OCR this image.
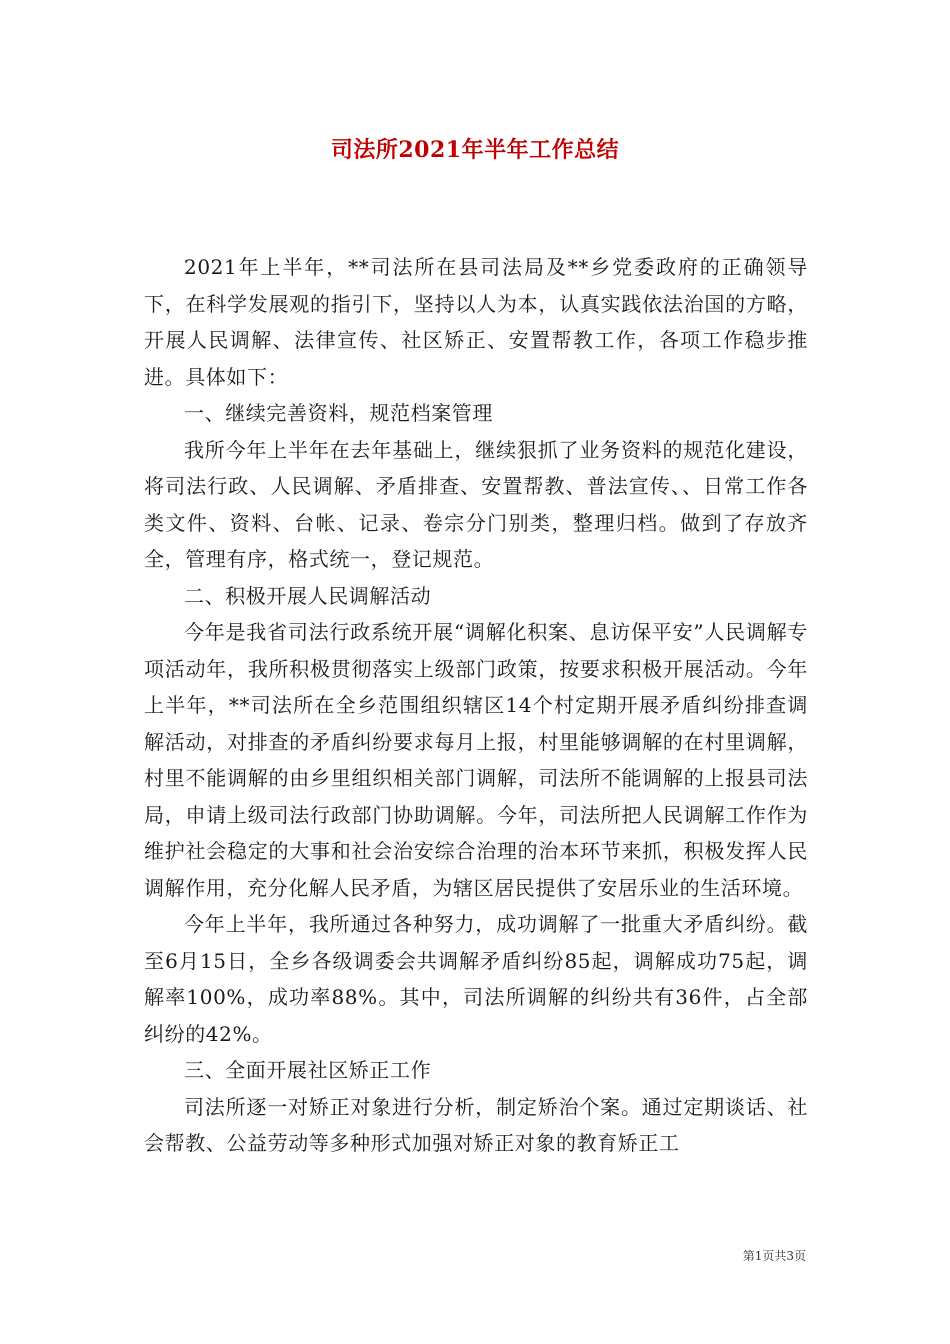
司法所2021年半年工作总结

2021年上半年，**司法所在县司法局及**乡党委政府的正确领导下，在科学发展观的指引下，坚持以人为本，认真实践依法治国的方略，开展人民调解、法律宣传、社区矫正、安置帮教工作，各项工作稳步推进。具体如下：

一、继续完善资料，规范档案管理

我所今年上半年在去年基础上，继续狠抓了业务资料的规范化建设，将司法行政、人民调解、矛盾排查、安置帮教、普法宣传、、日常工作各类文件、资料、台帐、记录、卷宗分门别类，整理归档。做到了存放齐全，管理有序，格式统一，登记规范。

二、积极开展人民调解活动

今年是我省司法行政系统开展“调解化积案、息访保平安”人民调解专项活动年，我所积极贯彻落实上级部门政策，按要求积极开展活动。今年上半年，**司法所在全乡范围组织辖区14个村定期开展矛盾纠纷排查调解活动，对排查的矛盾纠纷要求每月上报，村里能够调解的在村里调解，村里不能调解的由乡里组织相关部门调解，司法所不能调解的上报县司法局，申请上级司法行政部门协助调解。今年，司法所把人民调解工作作为维护社会稳定的大事和社会治安综合治理的治本环节来抓，积极发挥人民调解作用，充分化解人民矛盾，为辖区居民提供了安居乐业的生活环境。

今年上半年，我所通过各种努力，成功调解了一批重大矛盾纠纷。截至6月15日，全乡各级调委会共调解矛盾纠纷85起，调解成功75起，调解率100%，成功率88%。其中，司法所调解的纠纷共有36件，占全部纠纷的42%。

三、全面开展社区矫正工作

司法所逐一对矫正对象进行分析，制定矫治个案。通过定期谈话、社会帮教、公益劳动等多种形式加强对矫正对象的教育矫正工

第1页共3页
